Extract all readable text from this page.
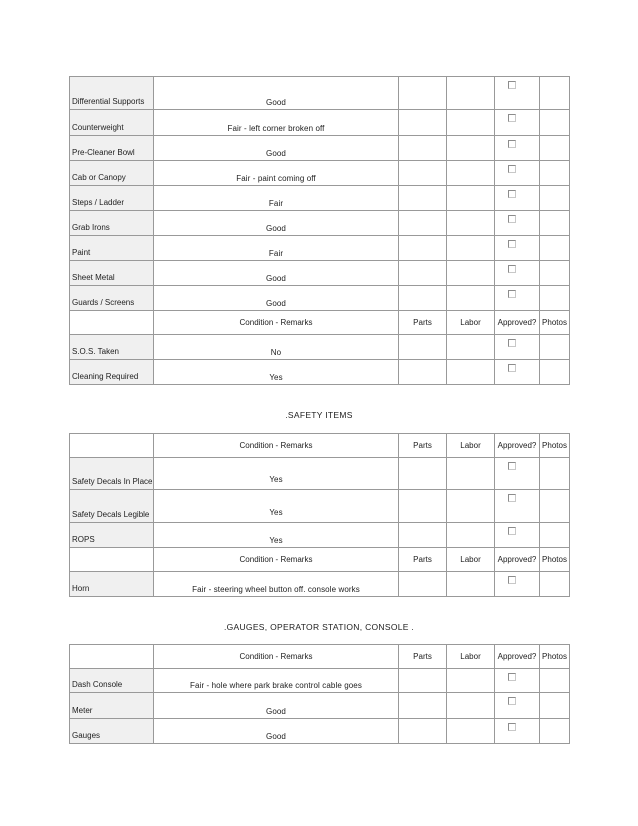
Differential Supports	Good			

Counterweight	Fair - left corner broken off			

Pre-Cleaner Bowl	Good			

Cab or Canopy	Fair - paint coming off			

Steps / Ladder	Fair			

Grab Irons	Good			

Paint	Fair			

Sheet Metal	Good			

Guards / Screens	Good			

	Condition - Remarks	Parts	Labor	Approved?	Photos
S.O.S. Taken	No			

Cleaning Required	Yes			

.SAFETY ITEMS
	Condition - Remarks	Parts	Labor	Approved?	Photos
Safety Decals In Place	Yes			

Safety Decals Legible	Yes			

ROPS	Yes			

	Condition - Remarks	Parts	Labor	Approved?	Photos
Horn	Fair - steering wheel button off. console works			

.GAUGES, OPERATOR STATION, CONSOLE .
	Condition - Remarks	Parts	Labor	Approved?	Photos
Dash Console	Fair - hole where park brake control cable goes			

Meter	Good			

Gauges	Good			
